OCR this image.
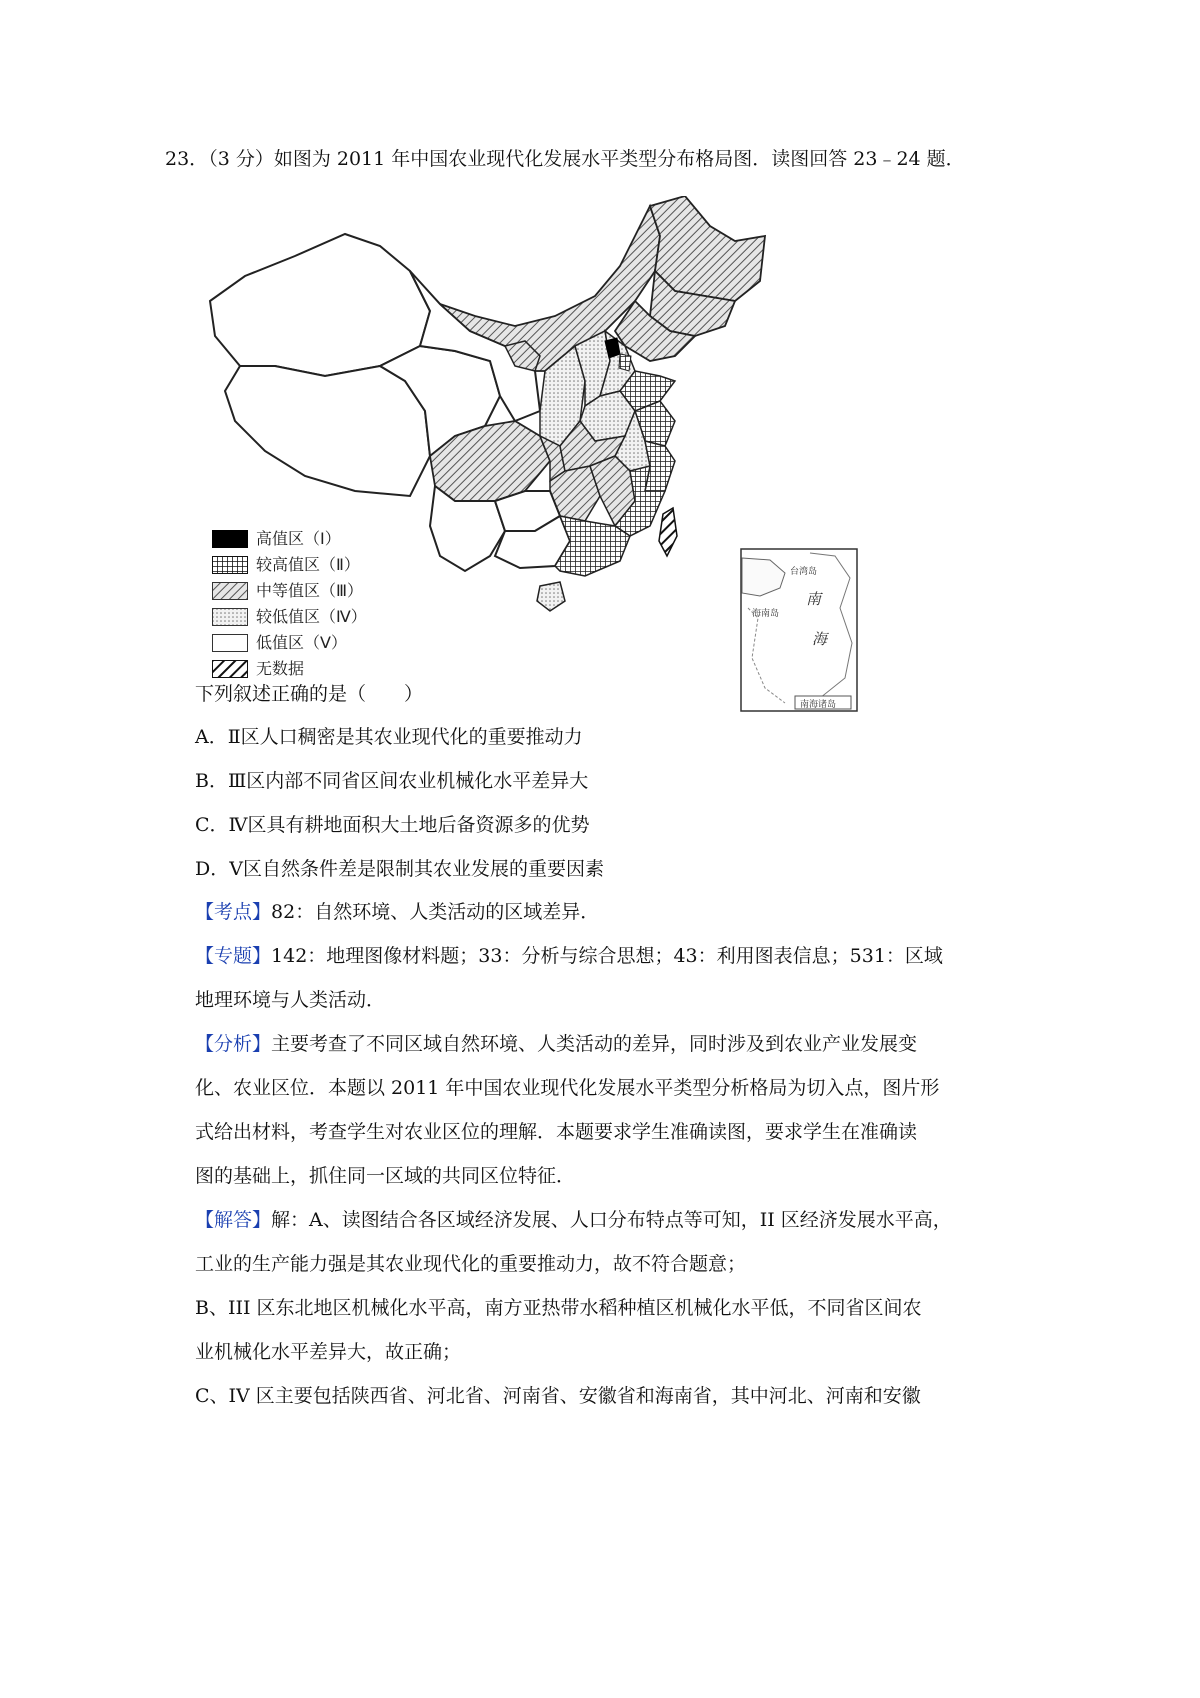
23．（3 分）如图为 2011 年中国农业现代化发展水平类型分布格局图．读图回答 23﹣24 题．
高值区（Ⅰ）
较高值区（Ⅱ）
中等值区（Ⅲ）
较低值区（Ⅳ）
低值区（Ⅴ）
无数据
台湾岛
海南岛
南
海
南海诸岛
下列叙述正确的是（　　）
A．Ⅱ区人口稠密是其农业现代化的重要推动力
B．Ⅲ区内部不同省区间农业机械化水平差异大
C．Ⅳ区具有耕地面积大土地后备资源多的优势
D．Ⅴ区自然条件差是限制其农业发展的重要因素
【考点】82：自然环境、人类活动的区域差异．
【专题】142：地理图像材料题；33：分析与综合思想；43：利用图表信息；531：区域
地理环境与人类活动．
【分析】主要考查了不同区域自然环境、人类活动的差异，同时涉及到农业产业发展变
化、农业区位．本题以 2011 年中国农业现代化发展水平类型分析格局为切入点，图片形
式给出材料，考查学生对农业区位的理解．本题要求学生准确读图，要求学生在准确读
图的基础上，抓住同一区域的共同区位特征．
【解答】解：A、读图结合各区域经济发展、人口分布特点等可知，II 区经济发展水平高，
工业的生产能力强是其农业现代化的重要推动力，故不符合题意；
B、III 区东北地区机械化水平高，南方亚热带水稻种植区机械化水平低，不同省区间农
业机械化水平差异大，故正确；
C、IV 区主要包括陕西省、河北省、河南省、安徽省和海南省，其中河北、河南和安徽
